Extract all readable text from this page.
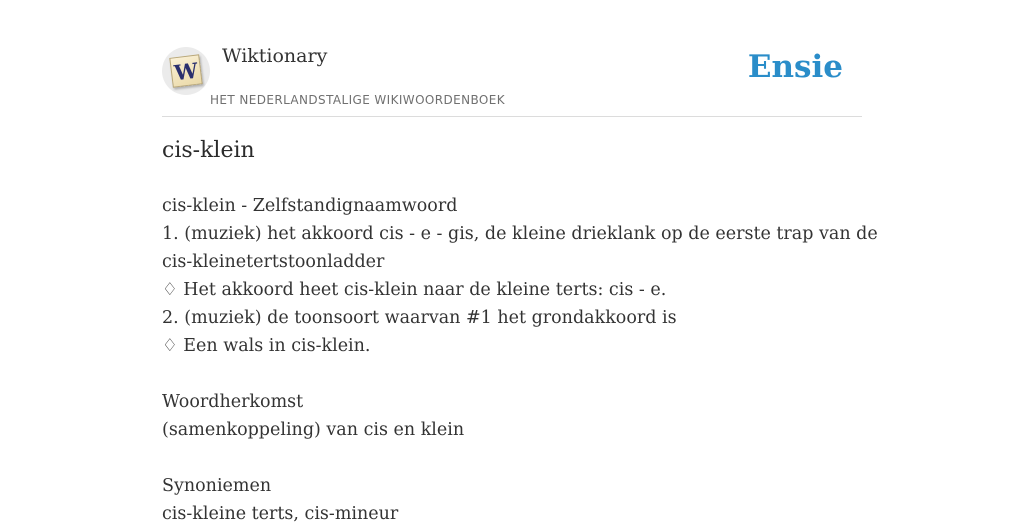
W
Wiktionary
HET NEDERLANDSTALIGE WIKIWOORDENBOEK
Ensie
cis-klein
cis-klein - Zelfstandignaamwoord
1. (muziek) het akkoord cis - e - gis, de kleine drieklank op de eerste trap van de
cis-kleinetertstoonladder
♢ Het akkoord heet cis-klein naar de kleine terts: cis - e.
2. (muziek) de toonsoort waarvan #1 het grondakkoord is
♢ Een wals in cis-klein.
Woordherkomst
(samenkoppeling) van cis en klein
Synoniemen
cis-kleine terts, cis-mineur
